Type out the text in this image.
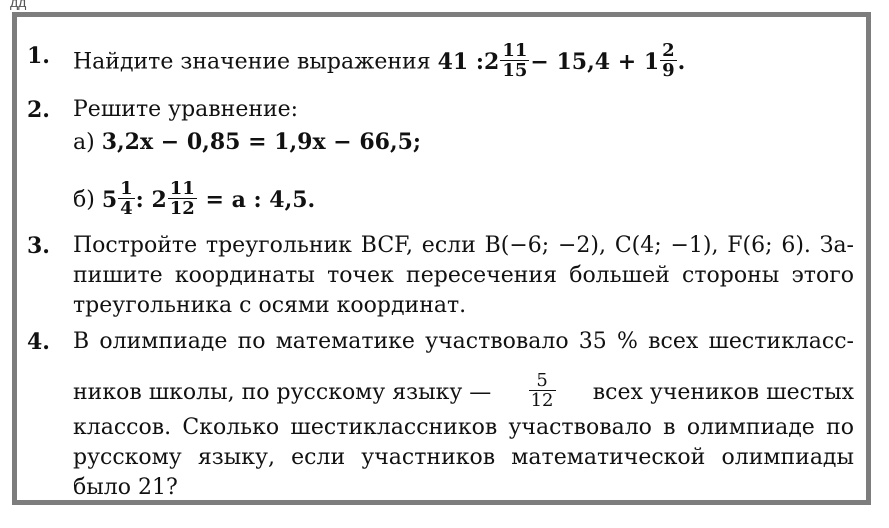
дд
1. Найдите значение выражения 41 :2 $\frac{11}{15} - 15,4 + 1 \frac{2}{9}$ .
2. Решите уравнение:
а) 3,2x − 0,85 = 1,9x − 66,5;
б) $5 \frac{1}{4}$ : $2 \frac{11}{12} = a$ : 4,5.
3. Постройте треугольник BCF, если B(−6; −2), C(4; −1), F(6; 6). За-
пишите координаты точек пересечения большей стороны этого
треугольника с осями координат.
4. В олимпиаде по математике участвовало 35 % всех шестикласс-
ников школы, по русскому языку — $\frac{5}{12}$ всех учеников шестых
классов. Сколько шестиклассников участвовало в олимпиаде по
русскому языку, если участников математической олимпиады
было 21?
